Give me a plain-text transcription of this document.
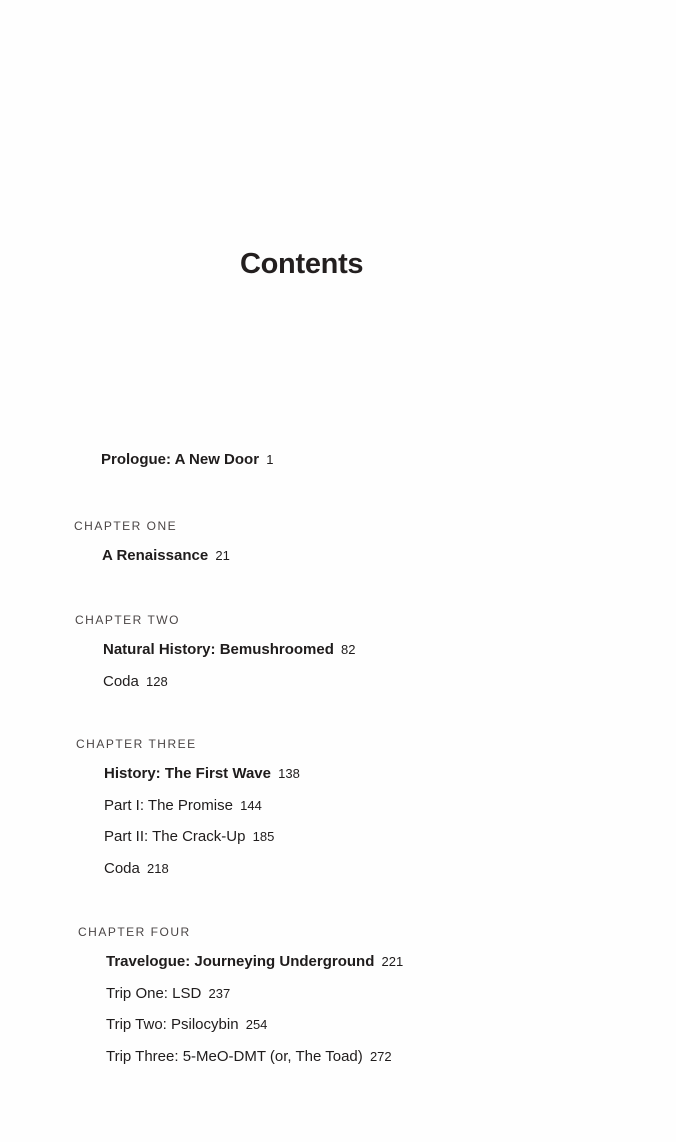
Contents
Prologue: A New Door 1
CHAPTER ONE
A Renaissance 21
CHAPTER TWO
Natural History: Bemushroomed 82
Coda 128
CHAPTER THREE
History: The First Wave 138
Part I: The Promise 144
Part II: The Crack-Up 185
Coda 218
CHAPTER FOUR
Travelogue: Journeying Underground 221
Trip One: LSD 237
Trip Two: Psilocybin 254
Trip Three: 5-MeO-DMT (or, The Toad) 272
